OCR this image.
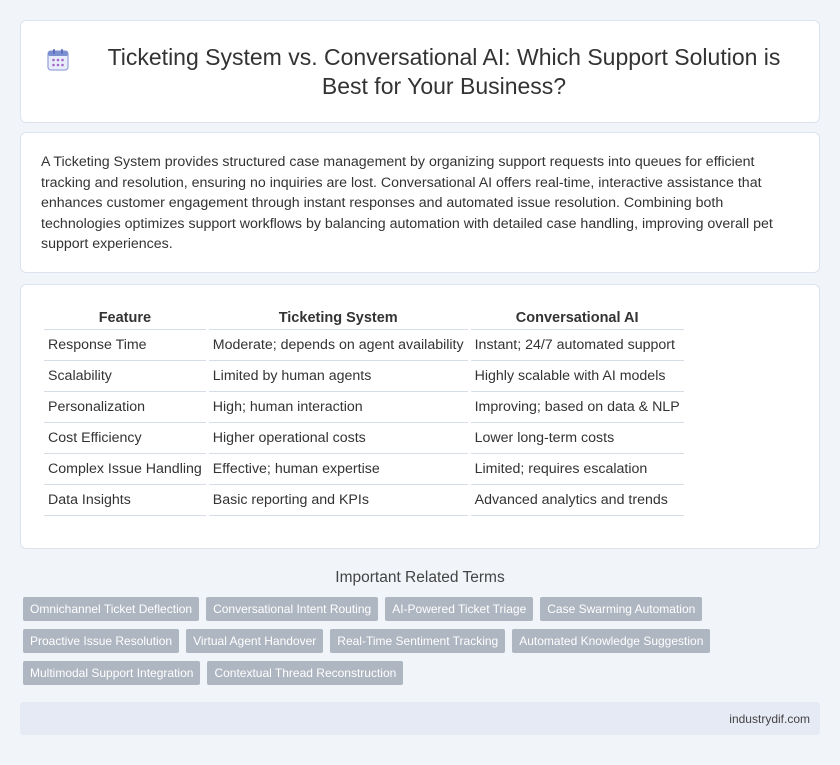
Ticketing System vs. Conversational AI: Which Support Solution is Best for Your Business?

A Ticketing System provides structured case management by organizing support requests into queues for efficient tracking and resolution, ensuring no inquiries are lost. Conversational AI offers real-time, interactive assistance that enhances customer engagement through instant responses and automated issue resolution. Combining both technologies optimizes support workflows by balancing automation with detailed case handling, improving overall pet support experiences.

Feature	Ticketing System	Conversational AI
Response Time	Moderate; depends on agent availability	Instant; 24/7 automated support
Scalability	Limited by human agents	Highly scalable with AI models
Personalization	High; human interaction	Improving; based on data & NLP
Cost Efficiency	Higher operational costs	Lower long-term costs
Complex Issue Handling	Effective; human expertise	Limited; requires escalation
Data Insights	Basic reporting and KPIs	Advanced analytics and trends
Important Related Terms
Omnichannel Ticket Deflection	Conversational Intent Routing	AI-Powered Ticket Triage	Case Swarming Automation
Proactive Issue Resolution	Virtual Agent Handover	Real-Time Sentiment Tracking	Automated Knowledge Suggestion
Multimodal Support Integration	Contextual Thread Reconstruction
industrydif.com
